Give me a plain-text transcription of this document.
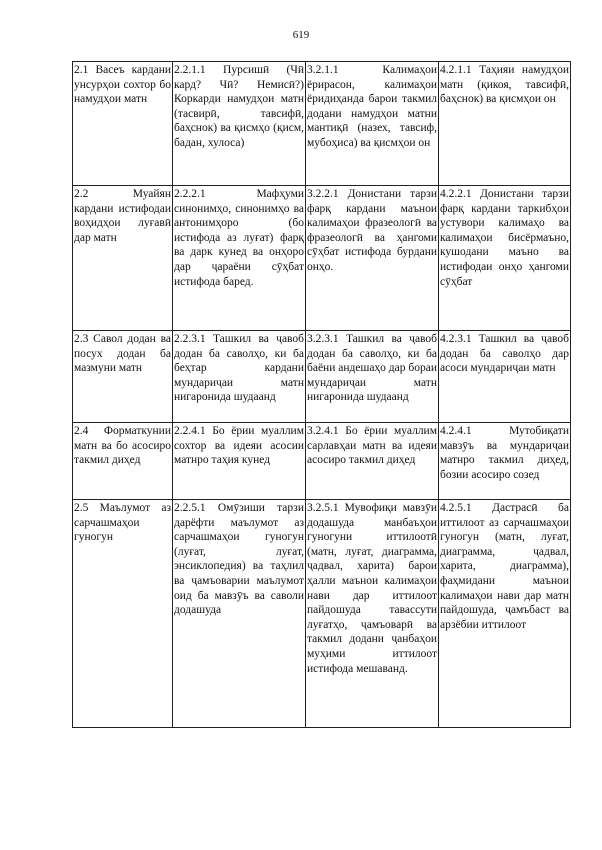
619
2.1 Васеъ кардани унсурҳои сохтор бо намудҳои матн	2.2.1.1 Пурсишӣ (Чӣ кард? Чӣ? Немисӣ?) Коркарди намудҳои матн (тасвирӣ, тавсифӣ, баҳснок) ва қисмҳо (қисм, бадан, хулоса)	3.2.1.1 Калимаҳои ёрирасон, калимаҳои ёридиҳанда барои такмил додани намудҳои матни мантиқӣ (назех, тавсиф, мубоҳиса) ва қисмҳои он	4.2.1.1 Таҳияи намудҳои матн (қикоя, тавсифӣ, баҳснок) ва қисмҳои он
2.2 Муайян кардани истифодаи воҳидҳои луғавӣ дар матн	2.2.2.1 Мафҳуми синонимҳо, синонимҳо ва антонимҳоро (бо истифода аз луғат) фарқ ва дарк кунед ва онҳоро дар ҷараёни сӯҳбат истифода баред.	3.2.2.1 Донистани тарзи фарқ кардани маънои калимаҳои фразеологӣ ва фразеологӣ ва ҳангоми сӯҳбат истифода бурдани онҳо.	4.2.2.1 Донистани тарзи фарқ кардани таркибҳои устувори калимаҳо ва калимаҳои бисёрмаъно, кушодани маъно ва истифодаи онҳо ҳангоми сӯҳбат
2.3 Савол додан ва посух додан ба мазмуни матн	2.2.3.1 Ташкил ва ҷавоб додан ба саволҳо, ки ба беҳтар кардани мундариҷаи матн нигаронида шудаанд	3.2.3.1 Ташкил ва ҷавоб додан ба саволҳо, ки ба баёни андешаҳо дар бораи мундариҷаи матн нигаронида шудаанд	4.2.3.1 Ташкил ва ҷавоб додан ба саволҳо дар асоси мундариҷаи матн
2.4 Форматкунии матн ва бо асосиро такмил диҳед	2.2.4.1 Бо ёрии муаллим сохтор ва идеяи асосии матнро таҳия кунед	3.2.4.1 Бо ёрии муаллим сарлавҳаи матн ва идеяи асосиро такмил диҳед	4.2.4.1 Мутобиқати мавзӯъ ва мундариҷаи матнро такмил диҳед, бозии асосиро созед
2.5 Маълумот аз сарчашмаҳои гуногун	2.2.5.1 Омӯзиши тарзи дарёфти маълумот аз сарчашмаҳои гуногун (луғат, луғат, энсиклопедия) ва таҳлил ва ҷамъоварии маълумот оид ба мавзӯъ ва саволи додашуда	3.2.5.1 Мувофиқи мавзӯи додашуда манбаъҳои гуногуни иттилоотӣ (матн, луғат, диаграмма, ҷадвал, харита) барои ҳалли маънои калимаҳои нави дар иттилоот пайдошуда тавассути луғатҳо, ҷамъоварӣ ва такмил додани ҷанбаҳои муҳими иттилоот истифода мешаванд.	4.2.5.1 Дастрасӣ ба иттилоот аз сарчашмаҳои гуногун (матн, луғат, диаграмма, ҷадвал, харита, диаграмма), фаҳмидани маънои калимаҳои нави дар матн пайдошуда, ҷамъбаст ва арзёбии иттилоот
